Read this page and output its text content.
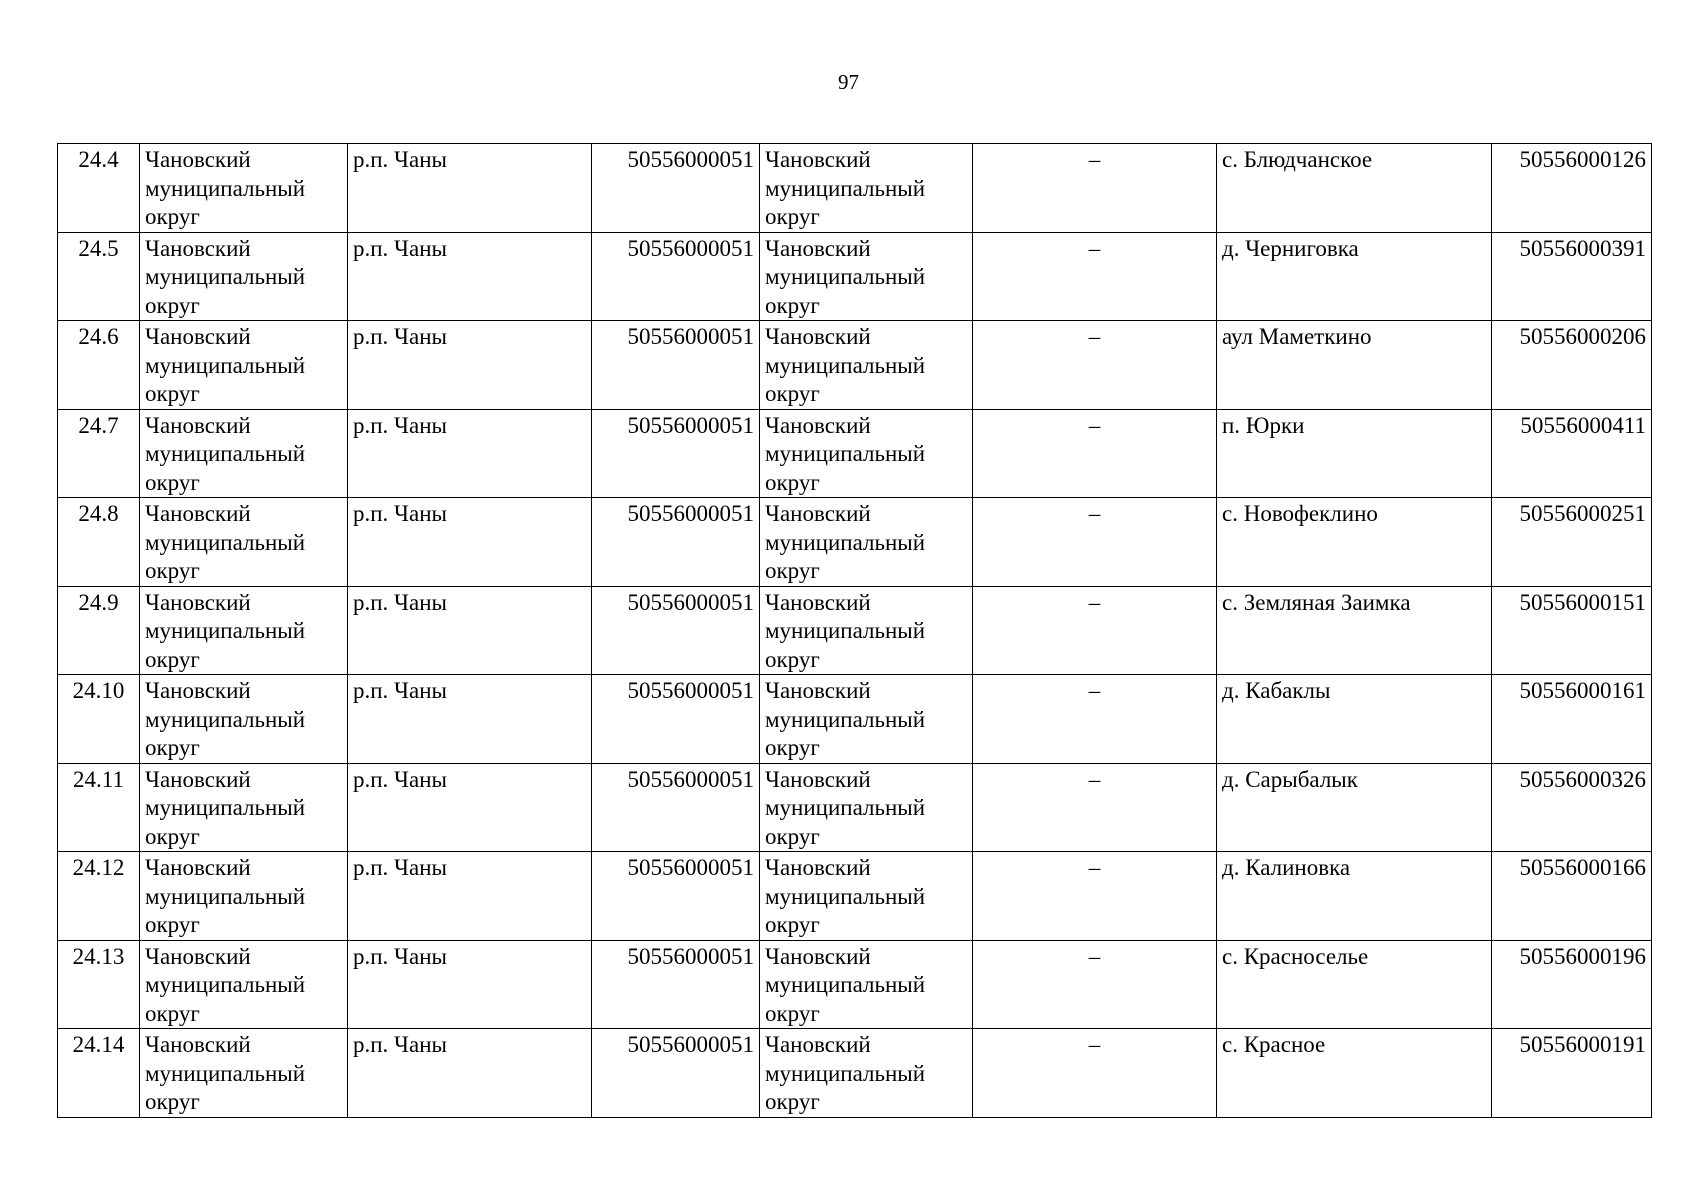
97
24.4	Чановский муниципальный округ	р.п. Чаны	50556000051	Чановский муниципальный округ	–	с. Блюдчанское	50556000126
24.5	Чановский муниципальный округ	р.п. Чаны	50556000051	Чановский муниципальный округ	–	д. Черниговка	50556000391
24.6	Чановский муниципальный округ	р.п. Чаны	50556000051	Чановский муниципальный округ	–	аул Маметкино	50556000206
24.7	Чановский муниципальный округ	р.п. Чаны	50556000051	Чановский муниципальный округ	–	п. Юрки	50556000411
24.8	Чановский муниципальный округ	р.п. Чаны	50556000051	Чановский муниципальный округ	–	с. Новофеклино	50556000251
24.9	Чановский муниципальный округ	р.п. Чаны	50556000051	Чановский муниципальный округ	–	с. Земляная Заимка	50556000151
24.10	Чановский муниципальный округ	р.п. Чаны	50556000051	Чановский муниципальный округ	–	д. Кабаклы	50556000161
24.11	Чановский муниципальный округ	р.п. Чаны	50556000051	Чановский муниципальный округ	–	д. Сарыбалык	50556000326
24.12	Чановский муниципальный округ	р.п. Чаны	50556000051	Чановский муниципальный округ	–	д. Калиновка	50556000166
24.13	Чановский муниципальный округ	р.п. Чаны	50556000051	Чановский муниципальный округ	–	с. Красноселье	50556000196
24.14	Чановский муниципальный округ	р.п. Чаны	50556000051	Чановский муниципальный округ	–	с. Красное	50556000191
